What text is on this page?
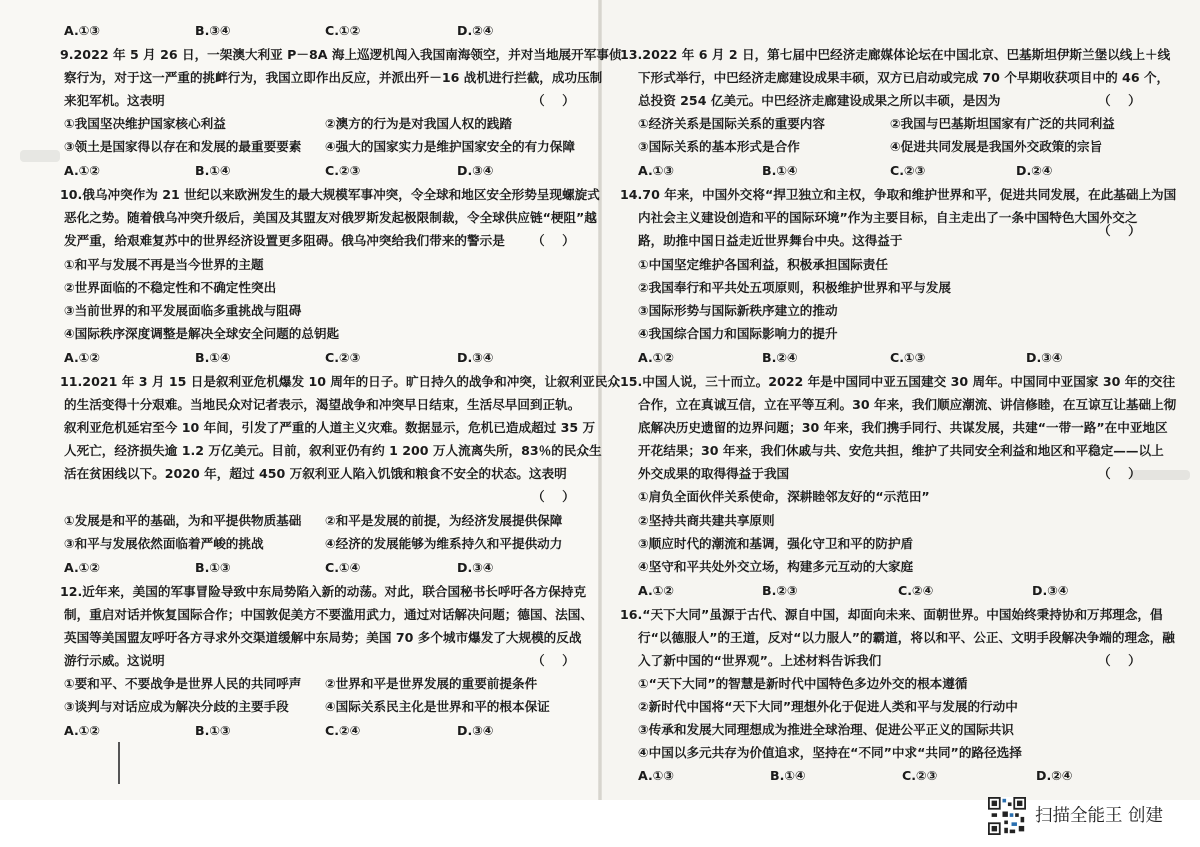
A.①③	B.③④	C.①②	D.②④
9.2022 年 5 月 26 日，一架澳大利亚 P－8A 海上巡逻机闯入我国南海领空，并对当地展开军事侦
察行为，对于这一严重的挑衅行为，我国立即作出反应，并派出歼－16 战机进行拦截，成功压制
来犯军机。这表明	（    ）
①我国坚决维护国家核心利益	②澳方的行为是对我国人权的践踏
③领土是国家得以存在和发展的最重要要素 ④强大的国家实力是维护国家安全的有力保障
A.①②	B.①④	C.②③	D.③④
10.俄乌冲突作为 21 世纪以来欧洲发生的最大规模军事冲突，令全球和地区安全形势呈现螺旋式
恶化之势。随着俄乌冲突升级后，美国及其盟友对俄罗斯发起极限制裁，令全球供应链“梗阻”越
发严重，给艰难复苏中的世界经济设置更多阻碍。俄乌冲突给我们带来的警示是 （    ）
①和平与发展不再是当今世界的主题
②世界面临的不稳定性和不确定性突出
③当前世界的和平发展面临多重挑战与阻碍
④国际秩序深度调整是解决全球安全问题的总钥匙
A.①②	B.①④	C.②③	D.③④
11.2021 年 3 月 15 日是叙利亚危机爆发 10 周年的日子。旷日持久的战争和冲突，让叙利亚民众
的生活变得十分艰难。当地民众对记者表示，渴望战争和冲突早日结束，生活尽早回到正轨。
叙利亚危机延宕至今 10 年间，引发了严重的人道主义灾难。数据显示，危机已造成超过 35 万
人死亡，经济损失逾 1.2 万亿美元。目前，叙利亚仍有约 1 200 万人流离失所，83％的民众生
活在贫困线以下。2020 年，超过 450 万叙利亚人陷入饥饿和粮食不安全的状态。这表明
（    ）
①发展是和平的基础，为和平提供物质基础 ②和平是发展的前提，为经济发展提供保障
③和平与发展依然面临着严峻的挑战	④经济的发展能够为维系持久和平提供动力
A.①②	B.①③	C.①④	D.③④
12.近年来，美国的军事冒险导致中东局势陷入新的动荡。对此，联合国秘书长呼吁各方保持克
制，重启对话并恢复国际合作；中国敦促美方不要滥用武力，通过对话解决问题；德国、法国、
英国等美国盟友呼吁各方寻求外交渠道缓解中东局势；美国 70 多个城市爆发了大规模的反战
游行示威。这说明	（    ）
①要和平、不要战争是世界人民的共同呼声 ②世界和平是世界发展的重要前提条件
③谈判与对话应成为解决分歧的主要手段	④国际关系民主化是世界和平的根本保证
A.①②	B.①③	C.②④	D.③④
13.2022 年 6 月 2 日，第七届中巴经济走廊媒体论坛在中国北京、巴基斯坦伊斯兰堡以线上＋线
下形式举行，中巴经济走廊建设成果丰硕，双方已启动或完成 70 个早期收获项目中的 46 个，
总投资 254 亿美元。中巴经济走廊建设成果之所以丰硕，是因为	（    ）
①经济关系是国际关系的重要内容	②我国与巴基斯坦国家有广泛的共同利益
③国际关系的基本形式是合作	④促进共同发展是我国外交政策的宗旨
A.①③	B.①④	C.②③	D.②④
14.70 年来，中国外交将“捍卫独立和主权，争取和维护世界和平，促进共同发展，在此基础上为国
内社会主义建设创造和平的国际环境”作为主要目标，自主走出了一条中国特色大国外交之
路，助推中国日益走近世界舞台中央。这得益于
（    ）
①中国坚定维护各国利益，积极承担国际责任
②我国奉行和平共处五项原则，积极维护世界和平与发展
③国际形势与国际新秩序建立的推动
④我国综合国力和国际影响力的提升
A.①②	B.②④	C.①③	D.③④
15.中国人说，三十而立。2022 年是中国同中亚五国建交 30 周年。中国同中亚国家 30 年的交往
合作，立在真诚互信，立在平等互利。30 年来，我们顺应潮流、讲信修睦，在互谅互让基础上彻
底解决历史遗留的边界问题；30 年来，我们携手同行、共谋发展，共建“一带一路”在中亚地区
开花结果；30 年来，我们休戚与共、安危共担，维护了共同安全利益和地区和平稳定——以上
外交成果的取得得益于我国	（    ）
①肩负全面伙伴关系使命，深耕睦邻友好的“示范田”
②坚持共商共建共享原则
③顺应时代的潮流和基调，强化守卫和平的防护盾
④坚守和平共处外交立场，构建多元互动的大家庭
A.①②	B.②③	C.②④	D.③④
16.“天下大同”虽源于古代、源自中国，却面向未来、面朝世界。中国始终秉持协和万邦理念，倡
行“以德服人”的王道，反对“以力服人”的霸道，将以和平、公正、文明手段解决争端的理念，融
入了新中国的“世界观”。上述材料告诉我们	（    ）
①“天下大同”的智慧是新时代中国特色多边外交的根本遵循
②新时代中国将“天下大同”理想外化于促进人类和平与发展的行动中
③传承和发展大同理想成为推进全球治理、促进公平正义的国际共识
④中国以多元共存为价值追求，坚持在“不同”中求“共同”的路径选择
A.①③	B.①④	C.②③	D.②④
扫描全能王 创建
